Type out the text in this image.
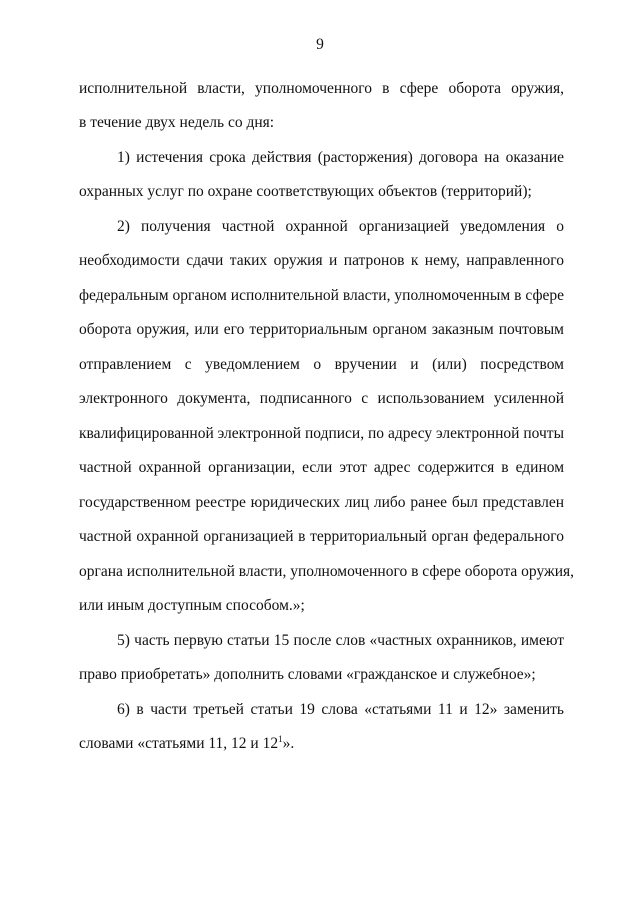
9
исполнительной власти, уполномоченного в сфере оборота оружия,
в течение двух недель со дня:
1) истечения срока действия (расторжения) договора на оказание
охранных услуг по охране соответствующих объектов (территорий);
2) получения частной охранной организацией уведомления о
необходимости сдачи таких оружия и патронов к нему, направленного
федеральным органом исполнительной власти, уполномоченным в сфере
оборота оружия, или его территориальным органом заказным почтовым
отправлением с уведомлением о вручении и (или) посредством
электронного документа, подписанного с использованием усиленной
квалифицированной электронной подписи, по адресу электронной почты
частной охранной организации, если этот адрес содержится в едином
государственном реестре юридических лиц либо ранее был представлен
частной охранной организацией в территориальный орган федерального
органа исполнительной власти, уполномоченного в сфере оборота оружия,
или иным доступным способом.»;
5) часть первую статьи 15 после слов «частных охранников, имеют
право приобретать» дополнить словами «гражданское и служебное»;
6) в части третьей статьи 19 слова «статьями 11 и 12» заменить
словами «статьями 11, 12 и $12^1$».
